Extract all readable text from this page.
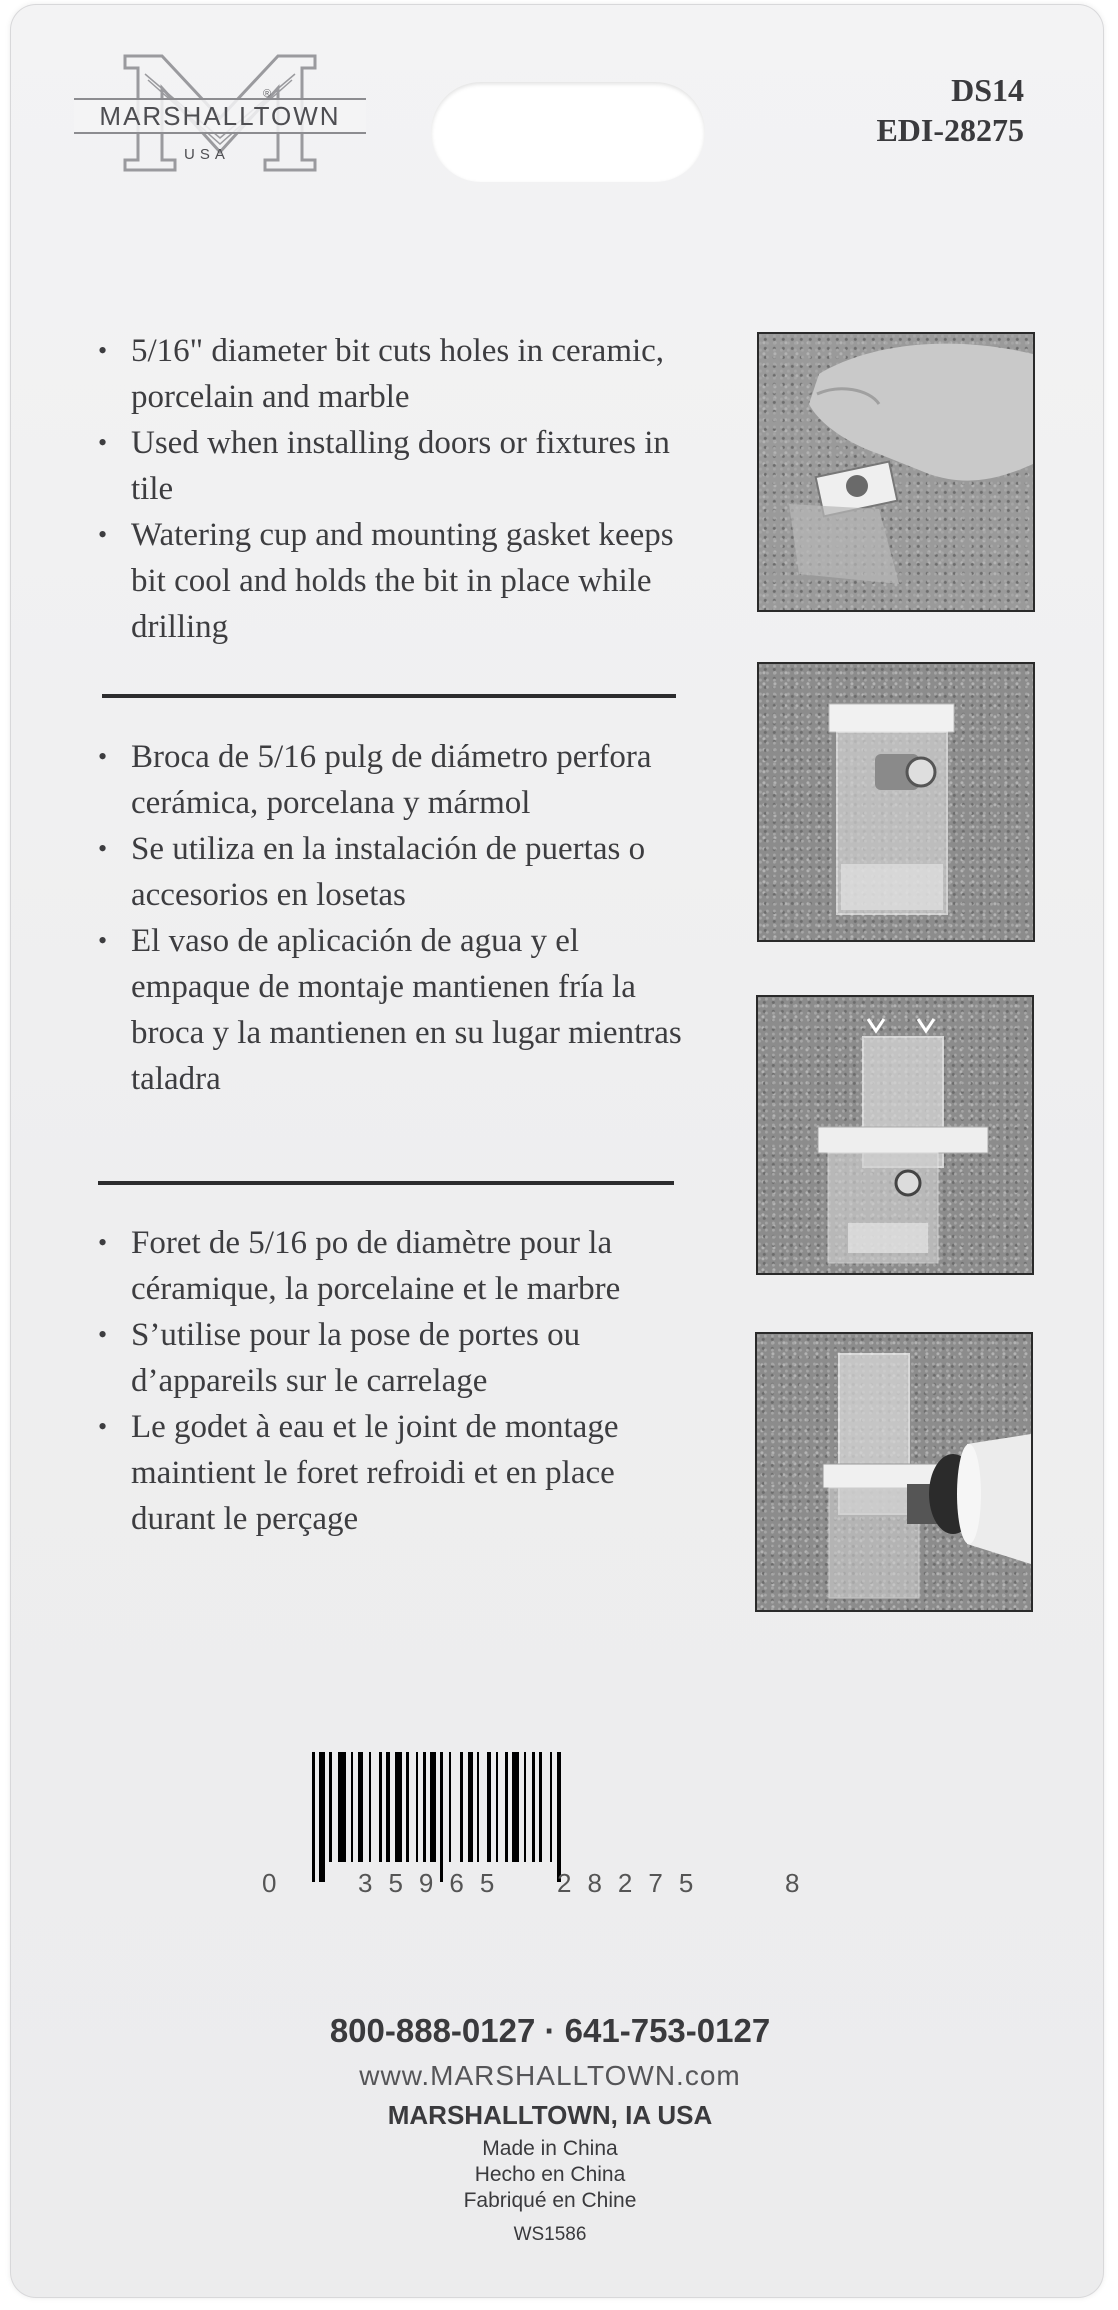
MARSHALLTOWN
®
USA
DS14
EDI-28275
• 5/16" diameter bit cuts holes in ceramic, porcelain and marble
• Used when installing doors or fixtures in tile
• Watering cup and mounting gasket keeps bit cool and holds the bit in place while drilling
• Broca de 5/16 pulg de diámetro perfora cerámica, porcelana y mármol
• Se utiliza en la instalación de puertas o accesorios en losetas
• El vaso de aplicación de agua y el empaque de montaje mantienen fría la broca y la mantienen en su lugar mientras taladra
• Foret de 5/16 po de diamètre pour la céramique, la porcelaine et le marbre
• S’utilise pour la pose de portes ou d’appareils sur le carrelage
• Le godet à eau et le joint de montage maintient le foret refroidi et en place durant le perçage
0	35965 28275	8
800-888-0127 · 641-753-0127
www.MARSHALLTOWN.com
MARSHALLTOWN, IA USA
Made in China
Hecho en China
Fabriqué en Chine
WS1586
